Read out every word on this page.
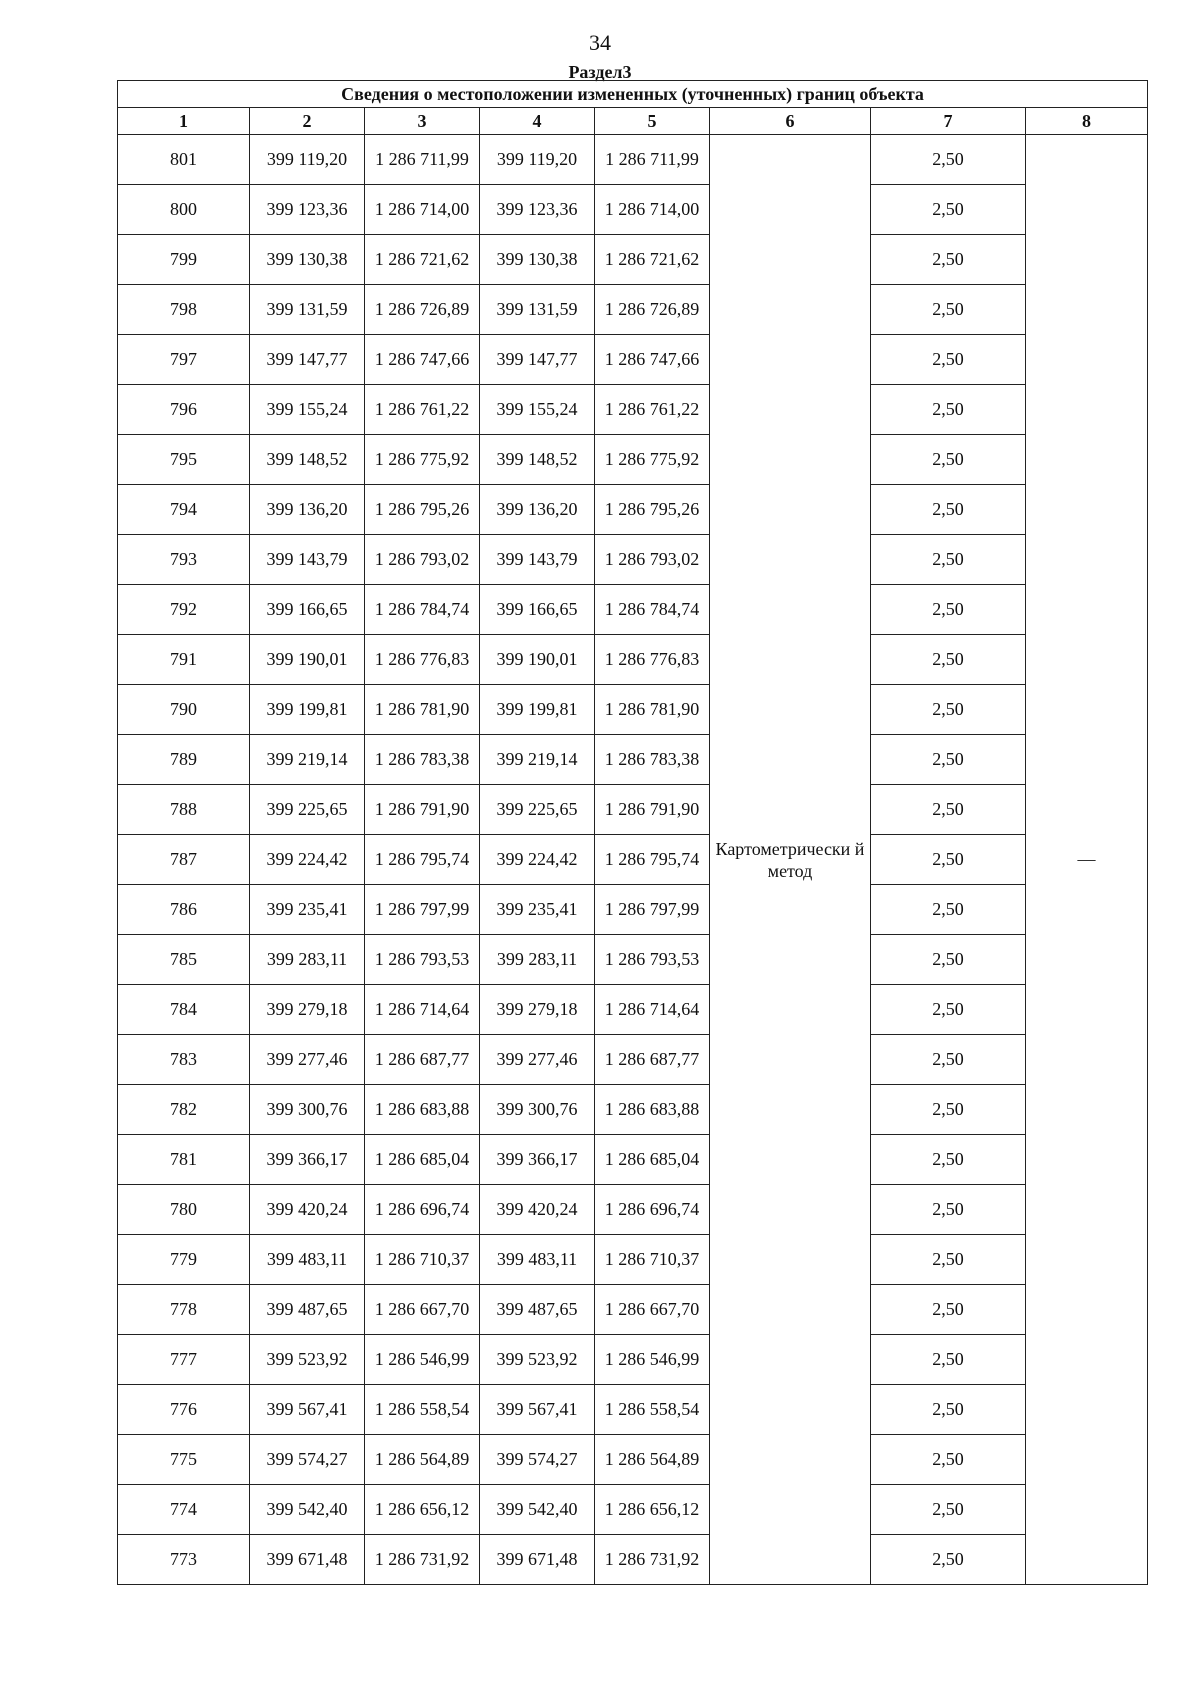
34
Раздел3
Сведения о местоположении измененных (уточненных) границ объекта							
1	2	3	4	5	6	7	8
801	399 119,20	1 286 711,99	399 119,20	1 286 711,99	Картометрически й метод	2,50	—
800	399 123,36	1 286 714,00	399 123,36	1 286 714,00		2,50	
799	399 130,38	1 286 721,62	399 130,38	1 286 721,62		2,50	
798	399 131,59	1 286 726,89	399 131,59	1 286 726,89		2,50	
797	399 147,77	1 286 747,66	399 147,77	1 286 747,66		2,50	
796	399 155,24	1 286 761,22	399 155,24	1 286 761,22		2,50	
795	399 148,52	1 286 775,92	399 148,52	1 286 775,92		2,50	
794	399 136,20	1 286 795,26	399 136,20	1 286 795,26		2,50	
793	399 143,79	1 286 793,02	399 143,79	1 286 793,02		2,50	
792	399 166,65	1 286 784,74	399 166,65	1 286 784,74		2,50	
791	399 190,01	1 286 776,83	399 190,01	1 286 776,83		2,50	
790	399 199,81	1 286 781,90	399 199,81	1 286 781,90		2,50	
789	399 219,14	1 286 783,38	399 219,14	1 286 783,38		2,50	
788	399 225,65	1 286 791,90	399 225,65	1 286 791,90		2,50	
787	399 224,42	1 286 795,74	399 224,42	1 286 795,74		2,50	
786	399 235,41	1 286 797,99	399 235,41	1 286 797,99		2,50	
785	399 283,11	1 286 793,53	399 283,11	1 286 793,53		2,50	
784	399 279,18	1 286 714,64	399 279,18	1 286 714,64		2,50	
783	399 277,46	1 286 687,77	399 277,46	1 286 687,77		2,50	
782	399 300,76	1 286 683,88	399 300,76	1 286 683,88		2,50	
781	399 366,17	1 286 685,04	399 366,17	1 286 685,04		2,50	
780	399 420,24	1 286 696,74	399 420,24	1 286 696,74		2,50	
779	399 483,11	1 286 710,37	399 483,11	1 286 710,37		2,50	
778	399 487,65	1 286 667,70	399 487,65	1 286 667,70		2,50	
777	399 523,92	1 286 546,99	399 523,92	1 286 546,99		2,50	
776	399 567,41	1 286 558,54	399 567,41	1 286 558,54		2,50	
775	399 574,27	1 286 564,89	399 574,27	1 286 564,89		2,50	
774	399 542,40	1 286 656,12	399 542,40	1 286 656,12		2,50	
773	399 671,48	1 286 731,92	399 671,48	1 286 731,92		2,50	
